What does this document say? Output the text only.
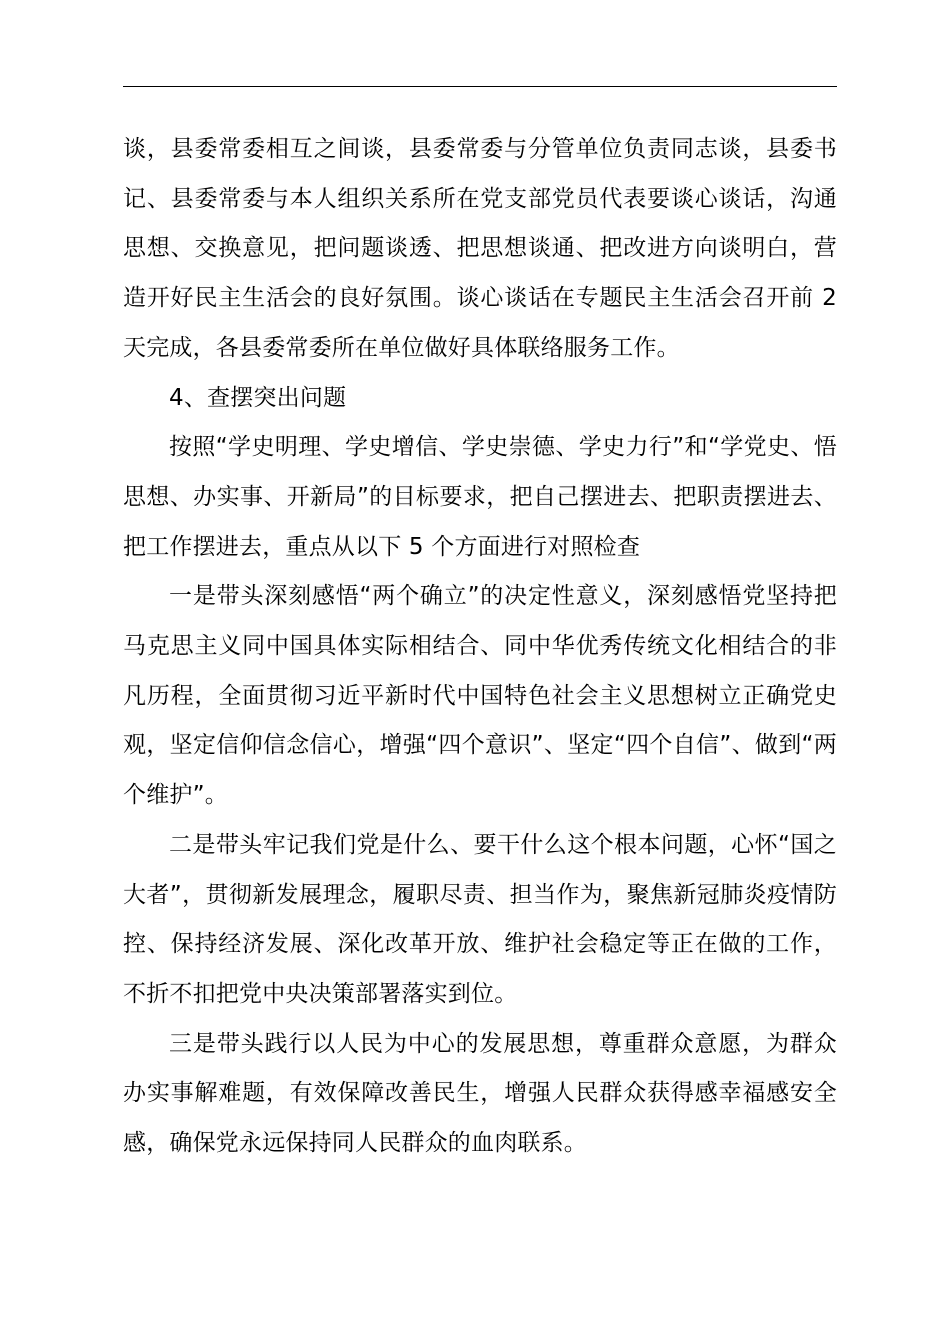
谈，县委常委相互之间谈，县委常委与分管单位负责同志谈，县委书记、县委常委与本人组织关系所在党支部党员代表要谈心谈话，沟通思想、交换意见，把问题谈透、把思想谈通、把改进方向谈明白，营造开好民主生活会的良好氛围。谈心谈话在专题民主生活会召开前 2 天完成，各县委常委所在单位做好具体联络服务工作。

4、查摆突出问题

按照“学史明理、学史增信、学史崇德、学史力行”和“学党史、悟思想、办实事、开新局”的目标要求，把自己摆进去、把职责摆进去、把工作摆进去，重点从以下 5 个方面进行对照检查

一是带头深刻感悟“两个确立”的决定性意义，深刻感悟党坚持把马克思主义同中国具体实际相结合、同中华优秀传统文化相结合的非凡历程，全面贯彻习近平新时代中国特色社会主义思想树立正确党史观，坚定信仰信念信心，增强“四个意识”、坚定“四个自信”、做到“两个维护”。

二是带头牢记我们党是什么、要干什么这个根本问题，心怀“国之大者”，贯彻新发展理念，履职尽责、担当作为，聚焦新冠肺炎疫情防控、保持经济发展、深化改革开放、维护社会稳定等正在做的工作，不折不扣把党中央决策部署落实到位。

三是带头践行以人民为中心的发展思想，尊重群众意愿，为群众办实事解难题，有效保障改善民生，增强人民群众获得感幸福感安全感，确保党永远保持同人民群众的血肉联系。
